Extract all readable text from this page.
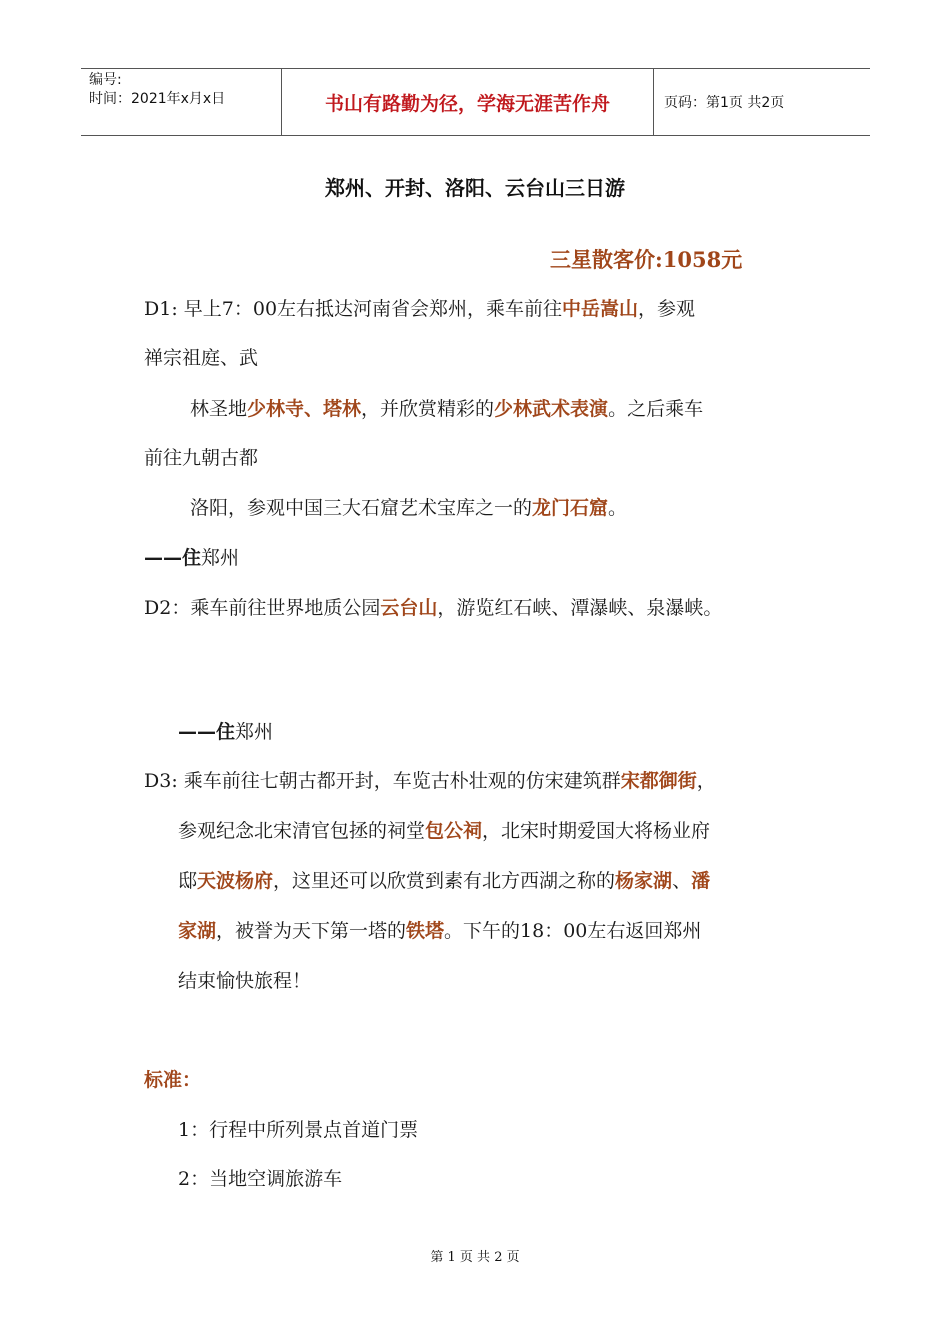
编号:
时间：2021年x月x日	书山有路勤为径，学海无涯苦作舟	页码：第1页 共2页
郑州、开封、洛阳、云台山三日游
三星散客价:1058元
D1: 早上7：00左右抵达河南省会郑州，乘车前往中岳嵩山，参观
禅宗祖庭、武
林圣地少林寺、塔林，并欣赏精彩的少林武术表演。之后乘车
前往九朝古都
洛阳，参观中国三大石窟艺术宝库之一的龙门石窟。
——住郑州
D2：乘车前往世界地质公园云台山，游览红石峡、潭瀑峡、泉瀑峡。
——住郑州
D3: 乘车前往七朝古都开封，车览古朴壮观的仿宋建筑群宋都御街，
参观纪念北宋清官包拯的祠堂包公祠，北宋时期爱国大将杨业府
邸天波杨府，这里还可以欣赏到素有北方西湖之称的杨家湖、潘
家湖，被誉为天下第一塔的铁塔。下午的18：00左右返回郑州
结束愉快旅程！
标准：
1：行程中所列景点首道门票
2：当地空调旅游车
第 1 页 共 2 页
